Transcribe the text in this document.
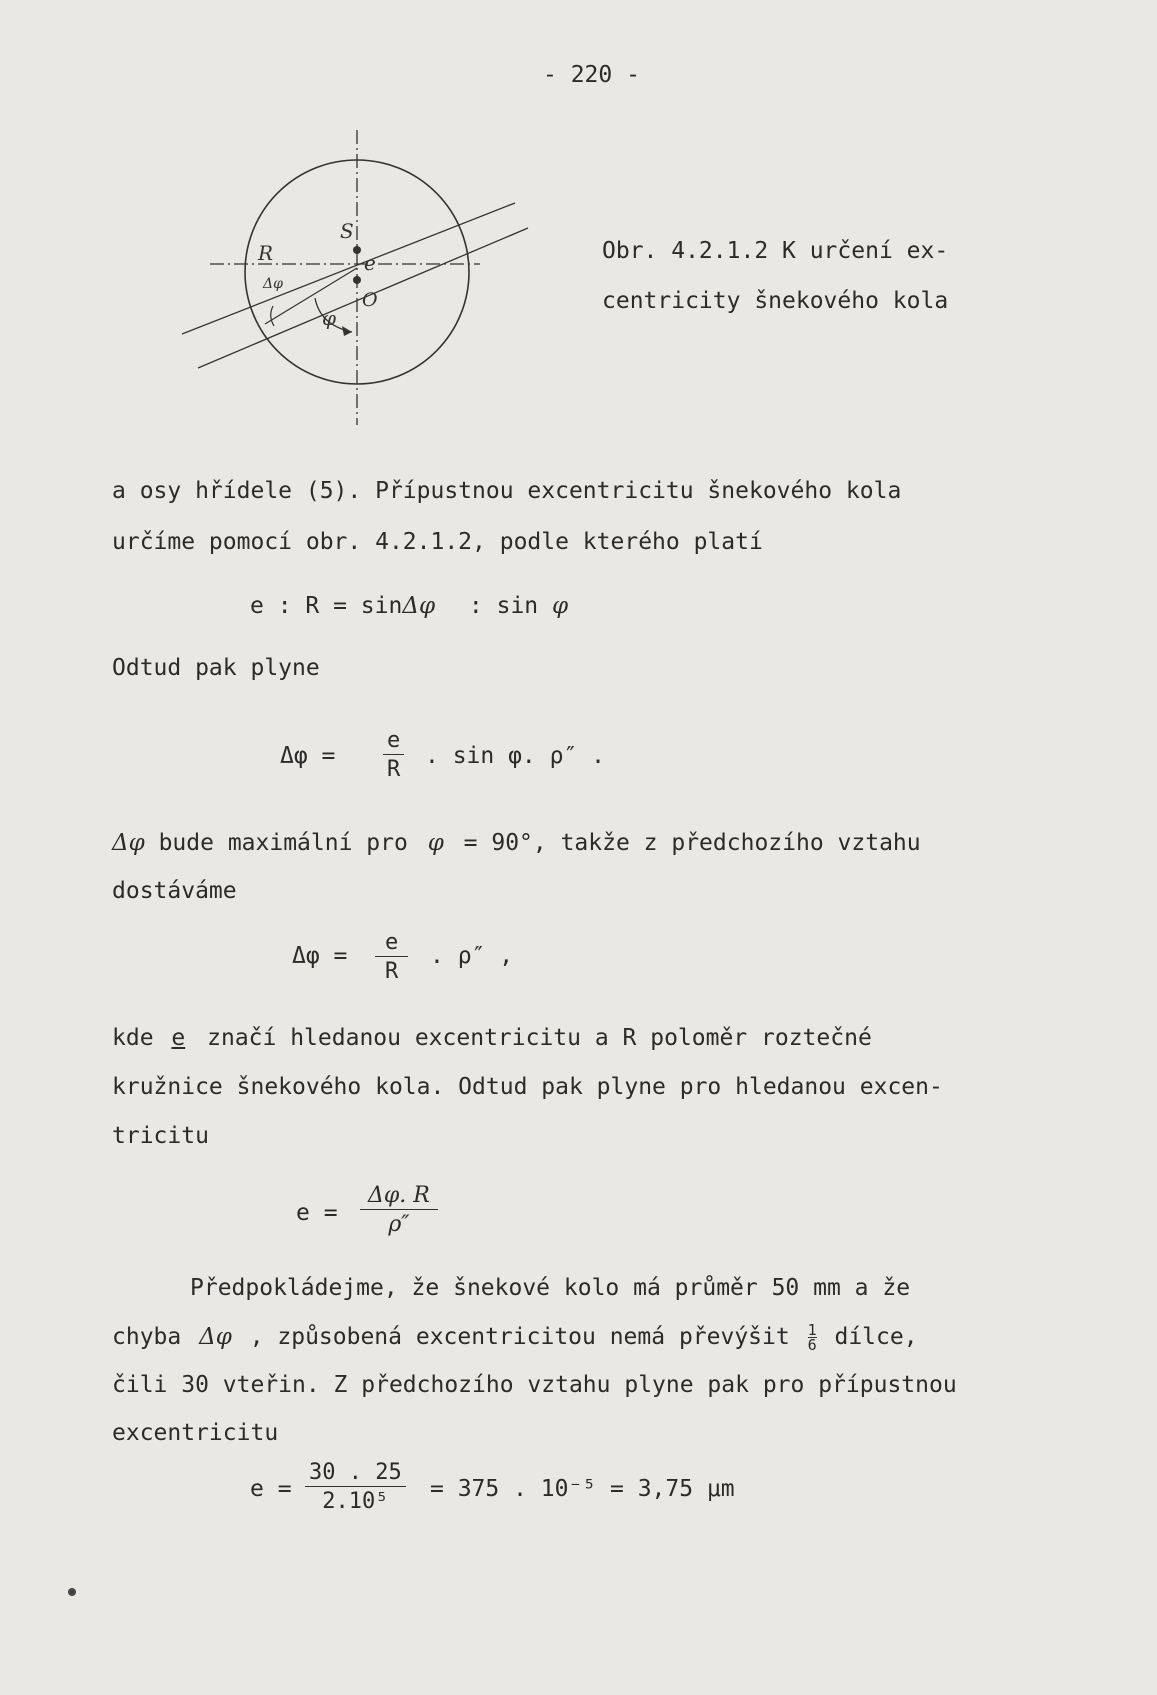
- 220 -
S
R	e
O
Δφ
φ
Obr. 4.2.1.2 K určení ex-
centricity šnekového kola
a osy hřídele (5). Přípustnou excentricitu šnekového kola
určíme pomocí obr. 4.2.1.2, podle kterého platí
e : R = sinΔφ : sin φ
Odtud pak plyne
$\Delta\varphi = \frac{e}{R}$ . sin φ. ρ″ .
Δφ bude maximální pro φ = 90°, takže z předchozího vztahu
dostáváme
$\Delta\varphi = \frac{e}{R}$ . ρ″ ,
kde e značí hledanou excentricitu a R poloměr roztečné
kružnice šnekového kola. Odtud pak plyne pro hledanou excen-
tricitu
$e = \frac{\Delta\varphi. R}{\rho''}$
Předpokládejme, že šnekové kolo má průměr 50 mm a že
chyba Δφ , způsobená excentricitou nemá převýšit $\frac{1}{6}$ dílce,
čili 30 vteřin. Z předchozího vztahu plyne pak pro přípustnou
excentricitu
$e = \frac{30 . 25}{\text{2.10⁵}} = 375$ . 10⁻⁵ = 3,75 μm
